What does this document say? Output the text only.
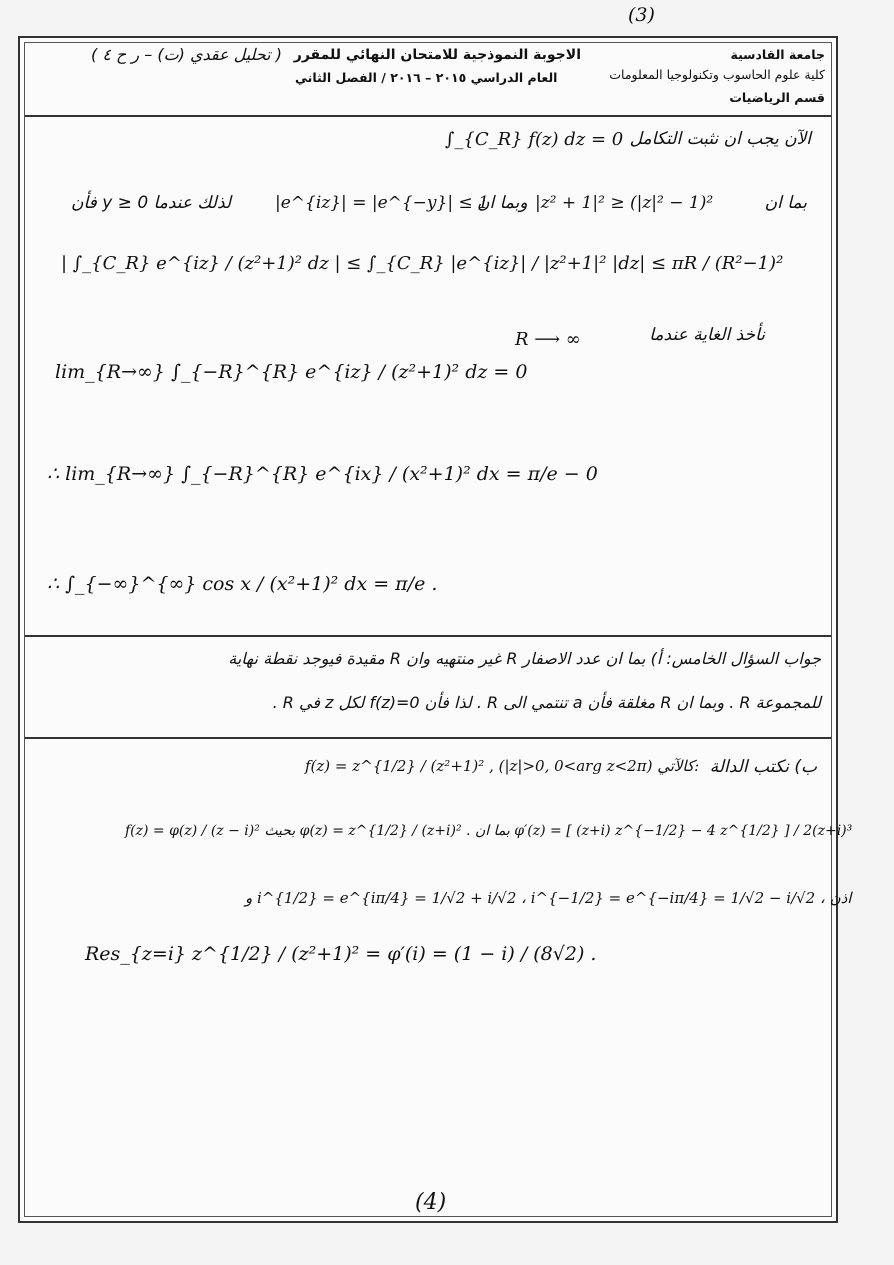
(3)
جامعة القادسية
كلية علوم الحاسوب وتكنولوجيا المعلومات
قسم الرياضيات
الاجوبة النموذجية للامتحان النهائي للمقرر
( تحليل عقدي (ت) – ر ح ٤ )
العام الدراسي ٢٠١٥ – ٢٠١٦ / الفصل الثاني
الآن يجب ان نثبت التكامل
∫_{C_R} f(z) dz = 0
بما ان
|z² + 1|² ≥ (|z|² − 1)²
وبما ان
|e^{iz}| = |e^{−y}| ≤ 1
لذلك عندما y ≥ 0 فأن
| ∫_{C_R} e^{iz} / (z²+1)² dz | ≤ ∫_{C_R} |e^{iz}| / |z²+1|² |dz| ≤ πR / (R²−1)²
نأخذ الغاية عندما
R ⟶ ∞
lim_{R→∞} ∫_{−R}^{R} e^{iz} / (z²+1)² dz = 0
∴ lim_{R→∞} ∫_{−R}^{R} e^{ix} / (x²+1)² dx = π/e − 0
∴ ∫_{−∞}^{∞} cos x / (x²+1)² dx = π/e .
جواب السؤال الخامس: أ) بما ان عدد الاصفار R غير منتهيه وان R مقيدة فيوجد نقطة نهاية
للمجموعة R . وبما ان R مغلقة فأن a تنتمي الى R . لذا فأن f(z)=0 لكل z في R .
ب) نكتب الدالة
f(z) = z^{1/2} / (z²+1)² , (|z|>0, 0<arg z<2π) كالآتي:
f(z) = φ(z) / (z − i)² بحيث φ(z) = z^{1/2} / (z+i)² . بما ان φ′(z) = [ (z+i) z^{−1/2} − 4 z^{1/2} ] / 2(z+i)³
و i^{1/2} = e^{iπ/4} = 1/√2 + i/√2 ، i^{−1/2} = e^{−iπ/4} = 1/√2 − i/√2 ، اذن
Res_{z=i} z^{1/2} / (z²+1)² = φ′(i) = (1 − i) / (8√2) .
(4)
